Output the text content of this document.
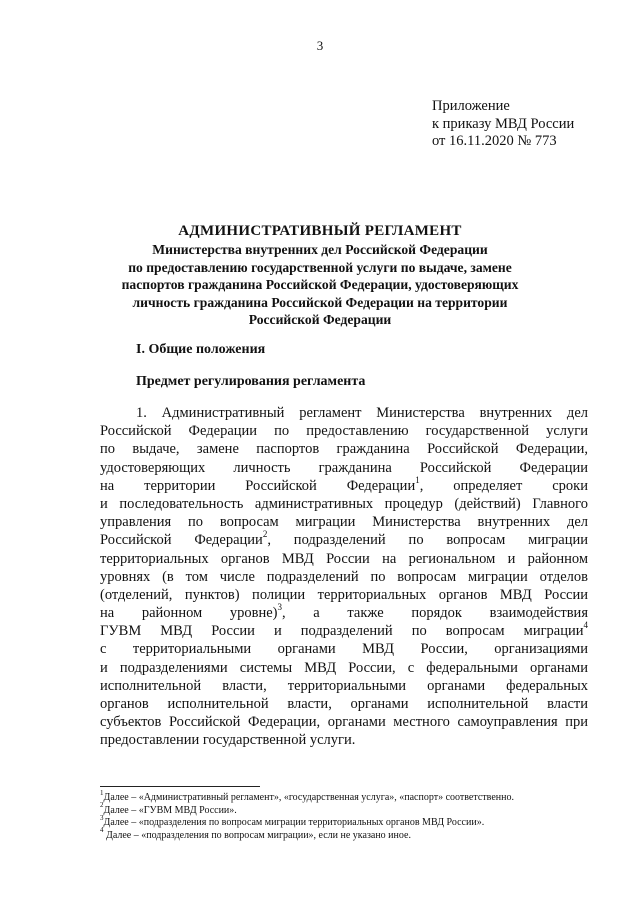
3
Приложение
к приказу МВД России
от 16.11.2020 № 773
АДМИНИСТРАТИВНЫЙ РЕГЛАМЕНТ
Министерства внутренних дел Российской Федерации
по предоставлению государственной услуги по выдаче, замене
паспортов гражданина Российской Федерации, удостоверяющих
личность гражданина Российской Федерации на территории
Российской Федерации
I. Общие положения
Предмет регулирования регламента
1. Административный регламент Министерства внутренних дел
Российской Федерации по предоставлению государственной услуги
по выдаче, замене паспортов гражданина Российской Федерации,
удостоверяющих личность гражданина Российской Федерации
на территории Российской Федерации$^1$, определяет сроки
и последовательность административных процедур (действий) Главного
управления по вопросам миграции Министерства внутренних дел
Российской Федерации$^2$, подразделений по вопросам миграции
территориальных органов МВД России на региональном и районном
уровнях (в том числе подразделений по вопросам миграции отделов
(отделений, пунктов) полиции территориальных органов МВД России
на районном уровне)$^3$, а также порядок взаимодействия
ГУВМ МВД России и подразделений по вопросам миграции$^4$
с территориальными органами МВД России, организациями
и подразделениями системы МВД России, с федеральными органами
исполнительной власти, территориальными органами федеральных
органов исполнительной власти, органами исполнительной власти
субъектов Российской Федерации, органами местного самоуправления при
предоставлении государственной услуги.
$^1$Далее – «Административный регламент», «государственная услуга», «паспорт» соответственно.
$^2$Далее – «ГУВМ МВД России».
$^3$Далее – «подразделения по вопросам миграции территориальных органов МВД России».
$^4$ Далее – «подразделения по вопросам миграции», если не указано иное.
